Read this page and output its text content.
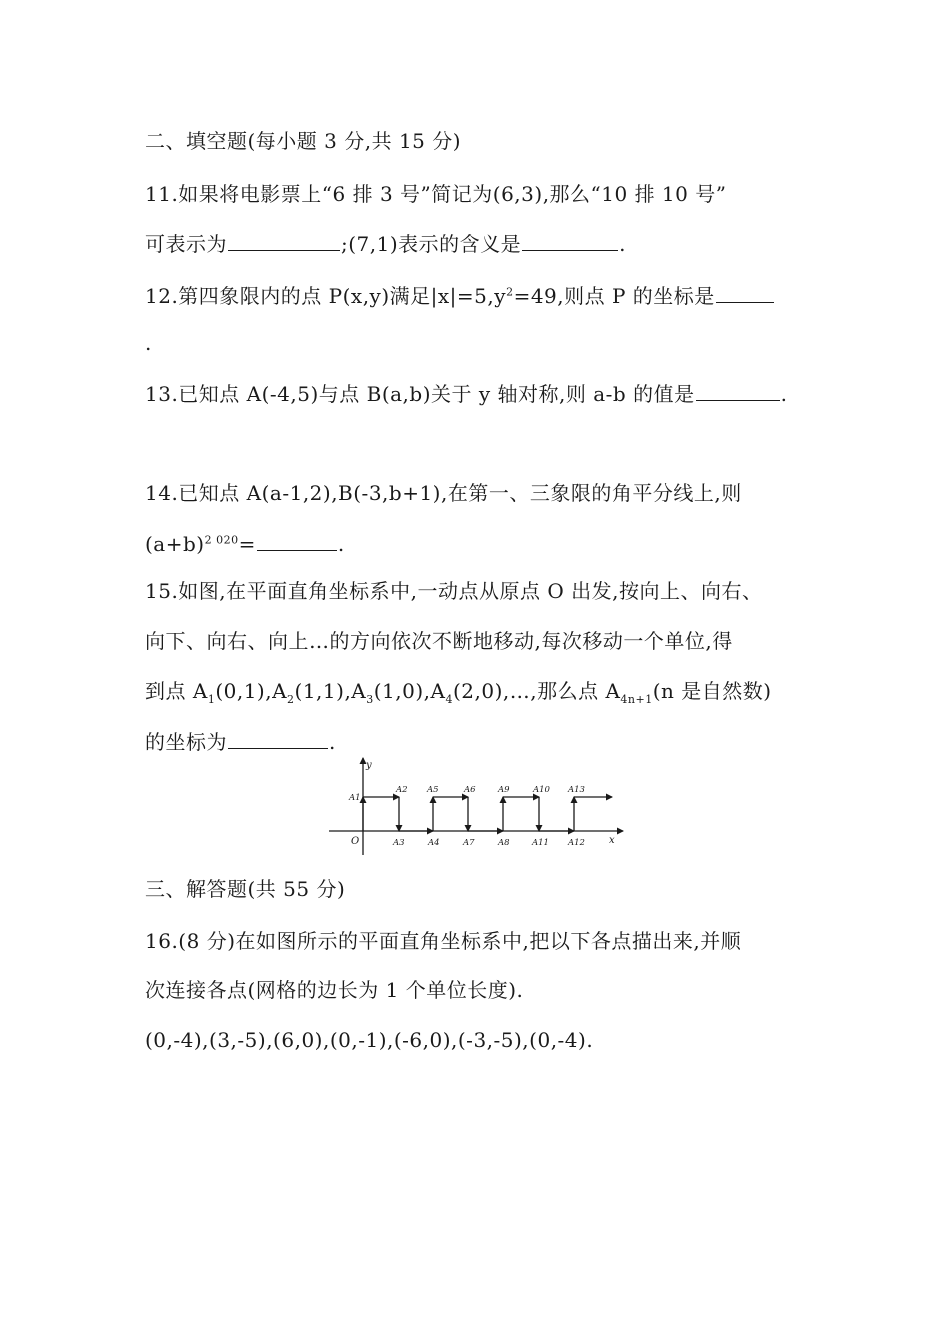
二、填空题(每小题 3 分,共 15 分)
11.如果将电影票上“6 排 3 号”简记为(6,3),那么“10 排 10 号”
可表示为	;(7,1)表示的含义是	.
12.第四象限内的点 P(x,y)满足$|x|=5,y^2=49$,则点 P 的坐标是
.
13.已知点 A(-4,5)与点 B(a,b)关于 y 轴对称,则 a-b 的值是	.
14.已知点 A(a-1,2),B(-3,b+1),在第一、三象限的角平分线上,则
$(a+b)^{2 020}=$	.
15.如图,在平面直角坐标系中,一动点从原点 O 出发,按向上、向右、
向下、向右、向上…的方向依次不断地移动,每次移动一个单位,得
到点 $A_1(0,1),A_2(1,1),A_3(1,0),A_4(2,0),\dots$,那么点 $A_{4n+1}(n$ 是自然数)
的坐标为	.
y
x
O
A1
A2 A5	A6	A9	A10 A13
A3	A4	A7	A8	A11 A12
三、解答题(共 55 分)
16.(8 分)在如图所示的平面直角坐标系中,把以下各点描出来,并顺
次连接各点(网格的边长为 1 个单位长度).
(0,-4),(3,-5),(6,0),(0,-1),(-6,0),(-3,-5),(0,-4).
